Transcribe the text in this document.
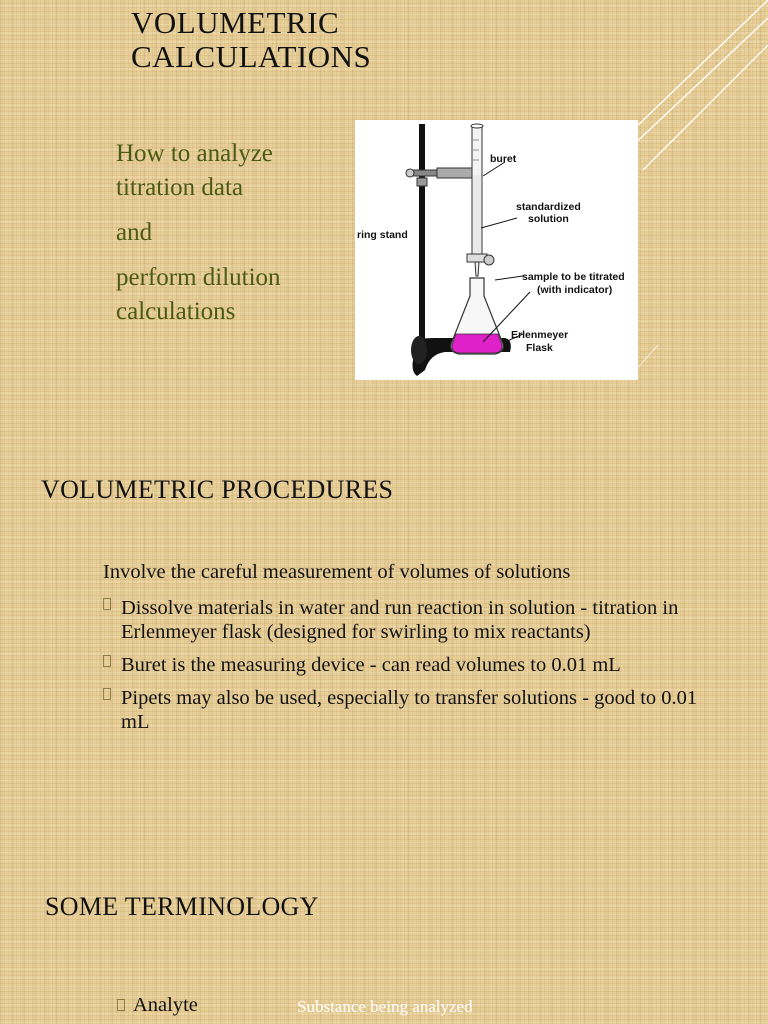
VOLUMETRIC
CALCULATIONS

How to analyze
titration data

and

perform dilution
calculations

buret
standardized
solution
ring stand
sample to be titrated
(with indicator)
Erlenmeyer
Flask
VOLUMETRIC PROCEDURES

Involve the careful measurement of volumes of solutions

Dissolve materials in water and run reaction in solution - titration in Erlenmeyer flask (designed for swirling to mix reactants)
Buret is the measuring device - can read volumes to 0.01 mL
Pipets may also be used, especially to transfer solutions - good to 0.01 mL
SOME TERMINOLOGY
Analyte	Substance being analyzed
